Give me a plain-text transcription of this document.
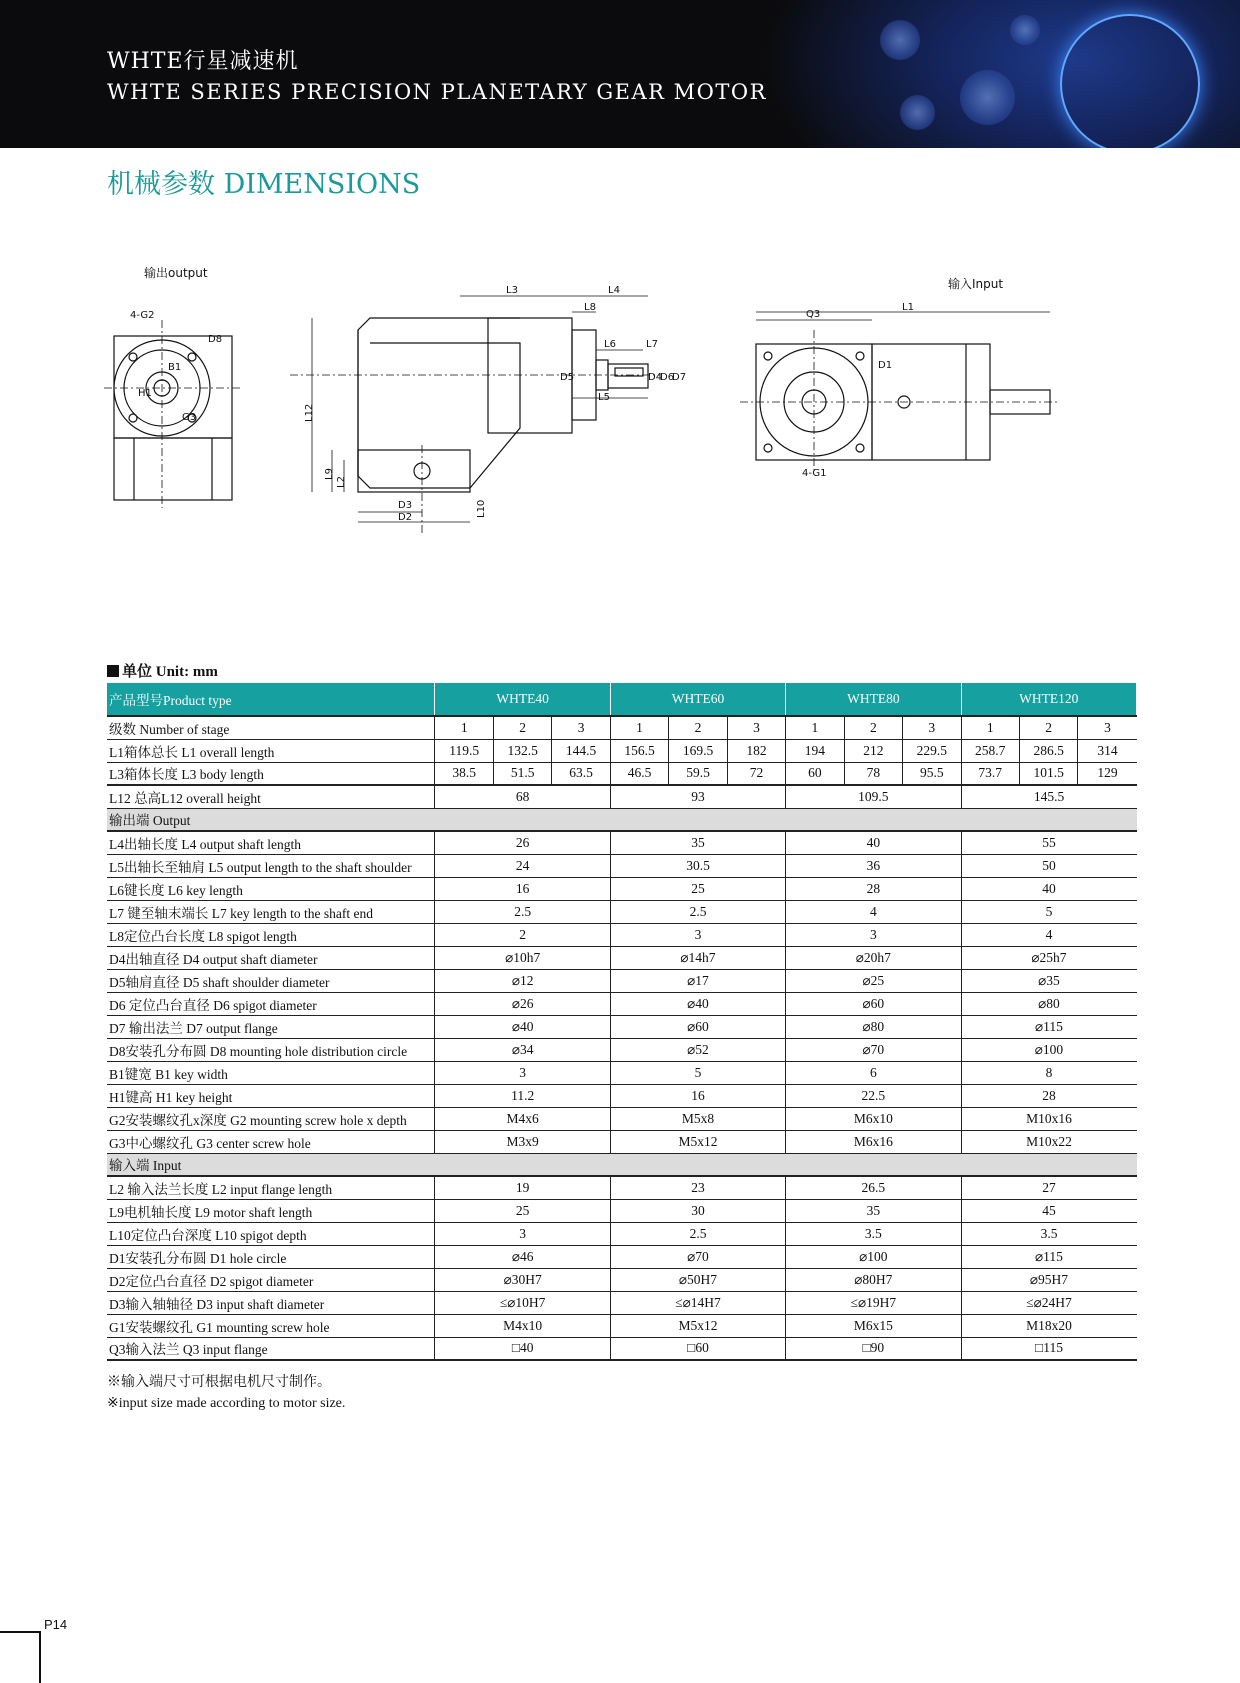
WHTE行星减速机
WHTE SERIES PRECISION PLANETARY GEAR MOTOR
机械参数 DIMENSIONS
输出output
4-G2
D8
B1
H1
G3	L12
L9
L2
L3	L4
L8
L6	L7
L5
D5	D4
D6
D7
D3
D2	L10
输入Input
Q3
L1
D1
4-G1
单位 Unit: mm
产品型号Product type	WHTE40			WHTE60			WHTE80			WHTE120		
级数 Number of stage	1	2	3	1	2	3	1	2	3	1	2	3
L1箱体总长 L1 overall length	119.5	132.5	144.5	156.5	169.5	182	194	212	229.5	258.7	286.5	314
L3箱体长度 L3 body length	38.5	51.5	63.5	46.5	59.5	72	60	78	95.5	73.7	101.5	129
L12 总高L12 overall height	68			93			109.5			145.5		
输出端 Output												
L4出轴长度 L4 output shaft length	26			35			40			55		
L5出轴长至轴肩 L5 output length to the shaft shoulder	24			30.5			36			50		
L6键长度 L6 key length	16			25			28			40		
L7 键至轴末端长 L7 key length to the shaft end	2.5			2.5			4			5		
L8定位凸台长度 L8 spigot length	2			3			3			4		
D4出轴直径 D4 output shaft diameter	⌀10h7			⌀14h7			⌀20h7			⌀25h7		
D5轴肩直径 D5 shaft shoulder diameter	⌀12			⌀17			⌀25			⌀35		
D6 定位凸台直径 D6 spigot diameter	⌀26			⌀40			⌀60			⌀80		
D7 输出法兰 D7 output flange	⌀40			⌀60			⌀80			⌀115		
D8安装孔分布圆 D8 mounting hole distribution circle	⌀34			⌀52			⌀70			⌀100		
B1键宽 B1 key width	3			5			6			8		
H1键高 H1 key height	11.2			16			22.5			28		
G2安装螺纹孔x深度 G2 mounting screw hole x depth	M4x6			M5x8			M6x10			M10x16		
G3中心螺纹孔 G3 center screw hole	M3x9			M5x12			M6x16			M10x22		
输入端 Input												
L2 输入法兰长度 L2 input flange length	19			23			26.5			27		
L9电机轴长度 L9 motor shaft length	25			30			35			45		
L10定位凸台深度 L10 spigot depth	3			2.5			3.5			3.5		
D1安装孔分布圆 D1 hole circle	⌀46			⌀70			⌀100			⌀115		
D2定位凸台直径 D2 spigot diameter	⌀30H7			⌀50H7			⌀80H7			⌀95H7		
D3输入轴轴径 D3 input shaft diameter	≤⌀10H7			≤⌀14H7			≤⌀19H7			≤⌀24H7		
G1安装螺纹孔 G1 mounting screw hole	M4x10			M5x12			M6x15			M18x20		
Q3输入法兰 Q3 input flange	□40			□60			□90			□115		
※输入端尺寸可根据电机尺寸制作。
※input size made according to motor size.
P14
